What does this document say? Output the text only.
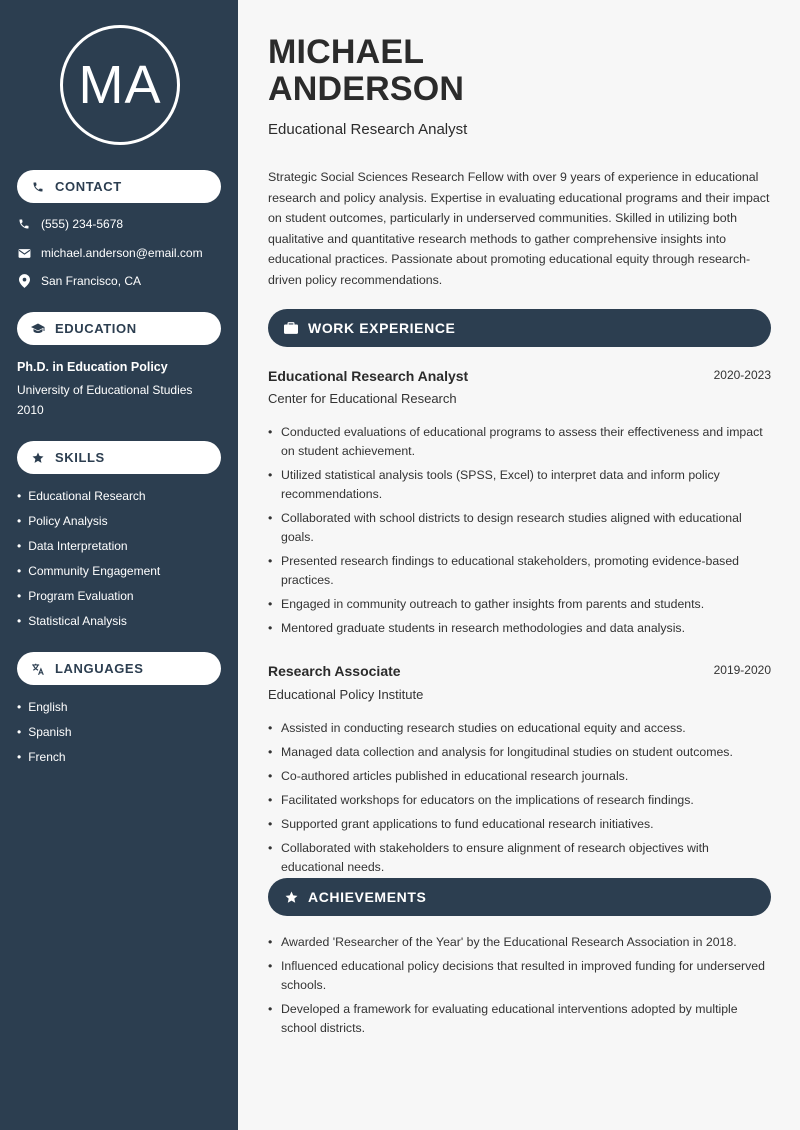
MA
CONTACT
(555) 234-5678
michael.anderson@email.com
San Francisco, CA
EDUCATION
Ph.D. in Education Policy
University of Educational Studies
2010
SKILLS
• Educational Research
• Policy Analysis
• Data Interpretation
• Community Engagement
• Program Evaluation
• Statistical Analysis
LANGUAGES
• English
• Spanish
• French
MICHAEL
ANDERSON
Educational Research Analyst
Strategic Social Sciences Research Fellow with over 9 years of experience in educational research and policy analysis. Expertise in evaluating educational programs and their impact on student outcomes, particularly in underserved communities. Skilled in utilizing both qualitative and quantitative research methods to gather comprehensive insights into educational practices. Passionate about promoting educational equity through research-driven policy recommendations.
WORK EXPERIENCE
Educational Research Analyst	2020-2023
Center for Educational Research
• Conducted evaluations of educational programs to assess their effectiveness and impact on student achievement.
• Utilized statistical analysis tools (SPSS, Excel) to interpret data and inform policy recommendations.
• Collaborated with school districts to design research studies aligned with educational goals.
• Presented research findings to educational stakeholders, promoting evidence-based practices.
• Engaged in community outreach to gather insights from parents and students.
• Mentored graduate students in research methodologies and data analysis.
Research Associate	2019-2020
Educational Policy Institute
• Assisted in conducting research studies on educational equity and access.
• Managed data collection and analysis for longitudinal studies on student outcomes.
• Co-authored articles published in educational research journals.
• Facilitated workshops for educators on the implications of research findings.
• Supported grant applications to fund educational research initiatives.
• Collaborated with stakeholders to ensure alignment of research objectives with educational needs.
ACHIEVEMENTS
• Awarded 'Researcher of the Year' by the Educational Research Association in 2018.
• Influenced educational policy decisions that resulted in improved funding for underserved schools.
• Developed a framework for evaluating educational interventions adopted by multiple school districts.
